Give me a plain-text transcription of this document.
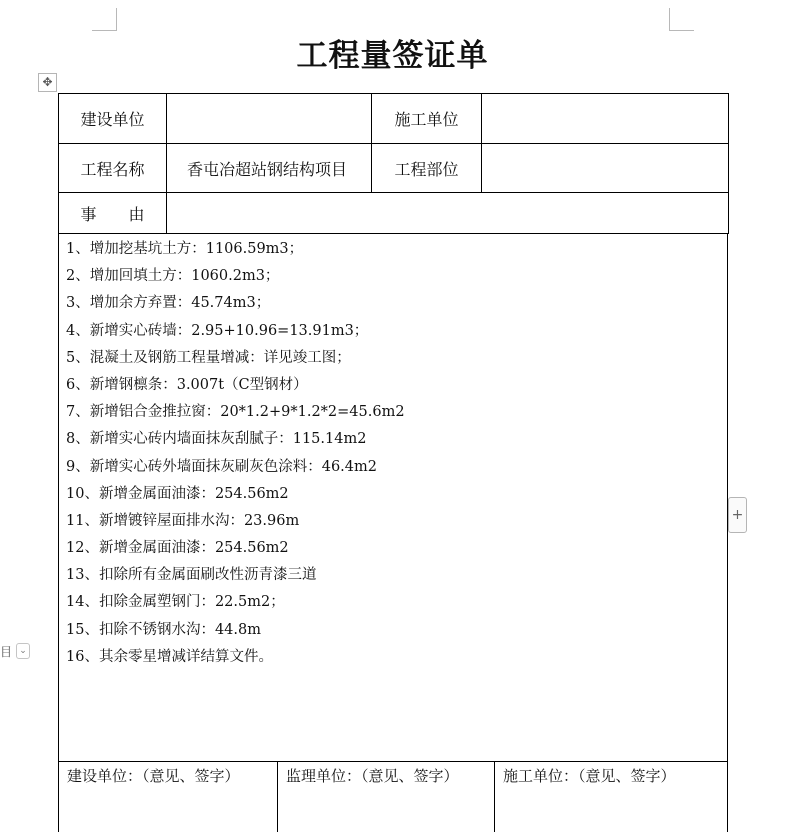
工程量签证单
✥
建设单位		施工单位	
工程名称	香屯冶超站钢结构项目	工程部位	
事　　由			
1、增加挖基坑土方：1106.59m3；
2、增加回填土方：1060.2m3；
3、增加余方弃置：45.74m3；
4、新增实心砖墙：2.95+10.96=13.91m3；
5、混凝土及钢筋工程量增减：详见竣工图；
6、新增钢檩条：3.007t（C型钢材）
7、新增铝合金推拉窗：20*1.2+9*1.2*2=45.6m2
8、新增实心砖内墙面抹灰刮腻子：115.14m2
9、新增实心砖外墙面抹灰刷灰色涂料：46.4m2
10、新增金属面油漆：254.56m2
11、新增镀锌屋面排水沟：23.96m
12、新增金属面油漆：254.56m2
13、扣除所有金属面刷改性沥青漆三道
14、扣除金属塑钢门：22.5m2；
15、扣除不锈钢水沟：44.8m
16、其余零星增减详结算文件。
建设单位：（意见、签字）	监理单位：（意见、签字）	施工单位：（意见、签字）
+
目 ⌄
